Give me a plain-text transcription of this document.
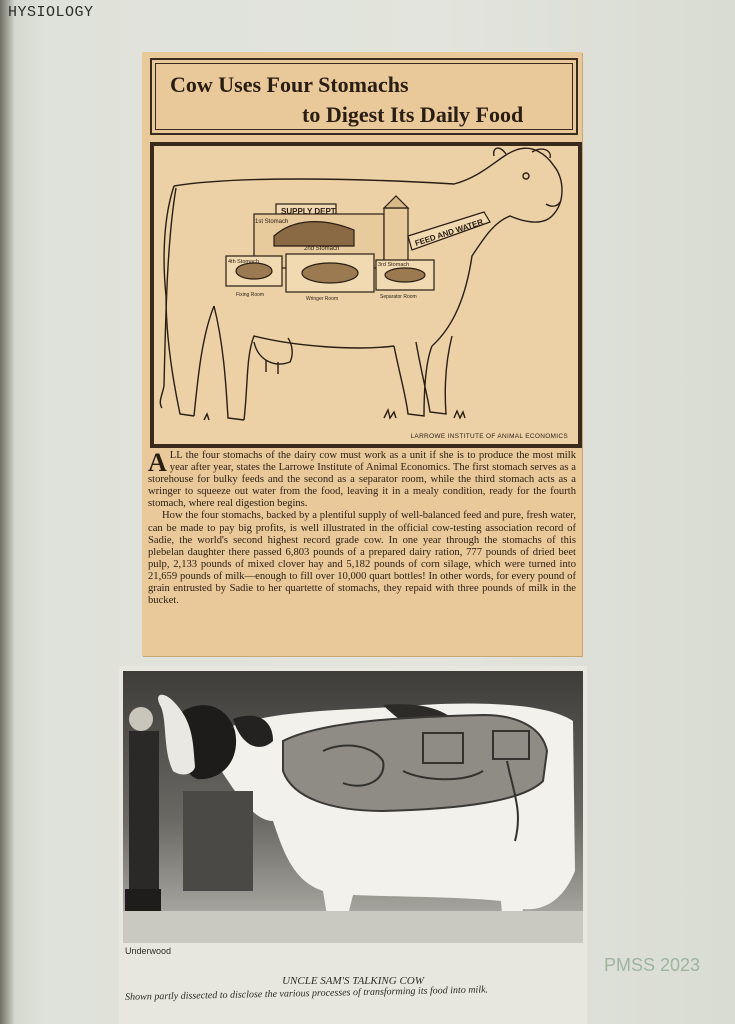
HYSIOLOGY
Cow Uses Four Stomachs
to Digest Its Daily Food
SUPPLY DEPT.
1st Stomach
2nd Stomach
4th Stomach	3rd Stomach
FEED AND WATER
Fixing Room
Wringer Room	Separator Room
LARROWE INSTITUTE OF ANIMAL ECONOMICS

ALL the four stomachs of the dairy cow must work as a unit if she is to produce the most milk year after year, states the Larrowe Institute of Animal Economics. The first stomach serves as a storehouse for bulky feeds and the second as a separator room, while the third stomach acts as a wringer to squeeze out water from the food, leaving it in a mealy condition, ready for the fourth stomach, where real digestion begins.

How the four stomachs, backed by a plentiful supply of well-balanced feed and pure, fresh water, can be made to pay big profits, is well illustrated in the official cow-testing association record of Sadie, the world's second highest record grade cow. In one year through the stomachs of this plebelan daughter there passed 6,803 pounds of a prepared dairy ration, 777 pounds of dried beet pulp, 2,133 pounds of mixed clover hay and 5,182 pounds of corn silage, which were turned into 21,659 pounds of milk—enough to fill over 10,000 quart bottles! In other words, for every pound of grain entrusted by Sadie to her quartette of stomachs, they repaid with three pounds of milk in the bucket.

Underwood
UNCLE SAM'S TALKING COW
Shown partly dissected to disclose the various processes of transforming its food into milk.
PMSS 2023
